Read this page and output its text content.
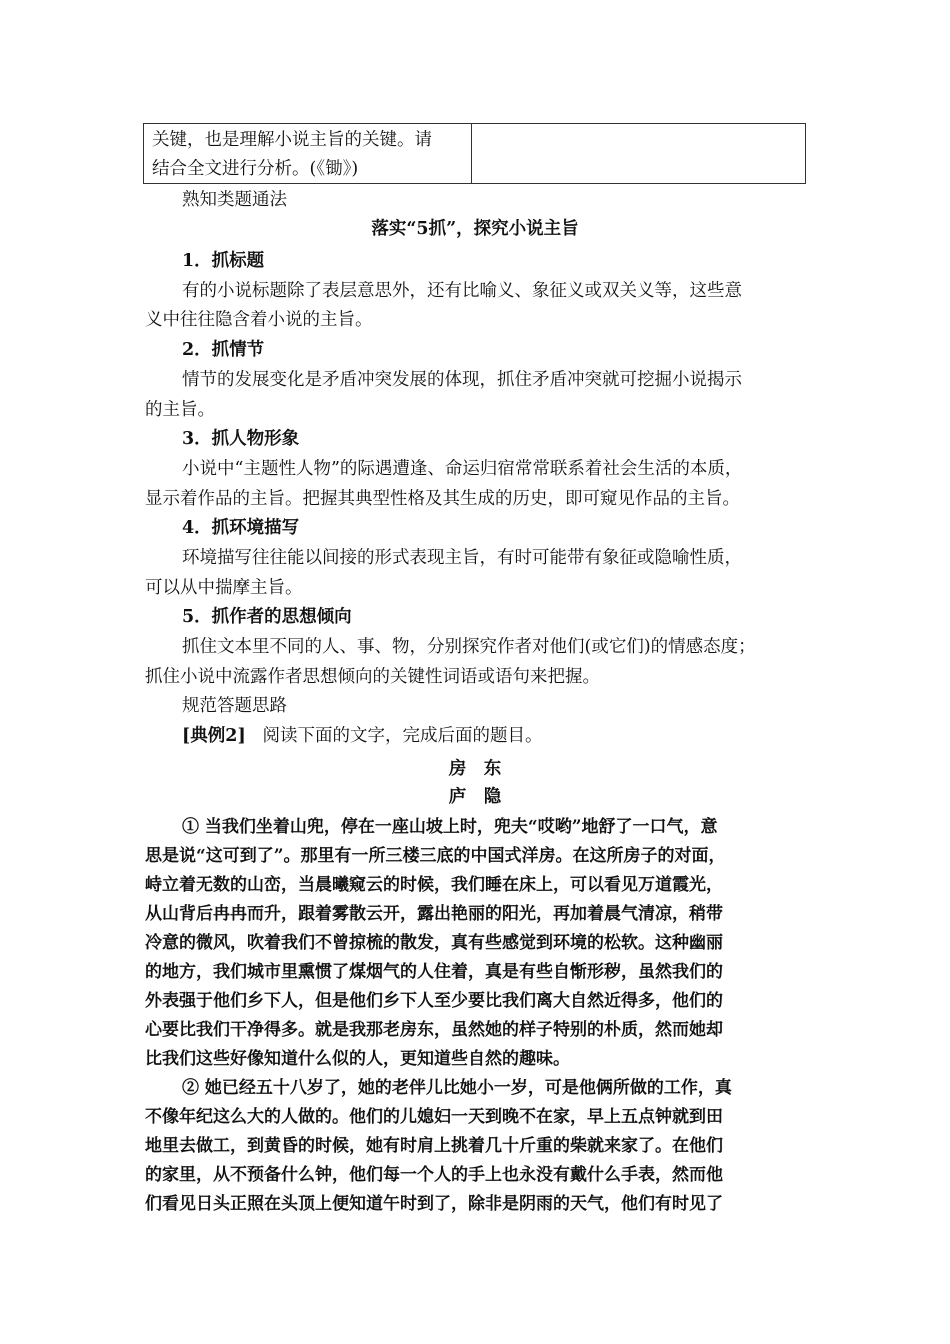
关键，也是理解小说主旨的关键。请
结合全文进行分析。(《锄》)
熟知类题通法
落实“5抓”，探究小说主旨
1．抓标题
有的小说标题除了表层意思外，还有比喻义、象征义或双关义等，这些意
义中往往隐含着小说的主旨。
2．抓情节
情节的发展变化是矛盾冲突发展的体现，抓住矛盾冲突就可挖掘小说揭示
的主旨。
3．抓人物形象
小说中“主题性人物”的际遇遭逢、命运归宿常常联系着社会生活的本质，
显示着作品的主旨。把握其典型性格及其生成的历史，即可窥见作品的主旨。
4．抓环境描写
环境描写往往能以间接的形式表现主旨，有时可能带有象征或隐喻性质，
可以从中揣摩主旨。
5．抓作者的思想倾向
抓住文本里不同的人、事、物，分别探究作者对他们(或它们)的情感态度；
抓住小说中流露作者思想倾向的关键性词语或语句来把握。
规范答题思路
[典例2] 阅读下面的文字，完成后面的题目。
房　东
庐　隐
① 当我们坐着山兜，停在一座山坡上时，兜夫“哎哟”地舒了一口气，意
思是说“这可到了”。那里有一所三楼三底的中国式洋房。在这所房子的对面，
峙立着无数的山峦，当晨曦窥云的时候，我们睡在床上，可以看见万道霞光，
从山背后冉冉而升，跟着雾散云开，露出艳丽的阳光，再加着晨气清凉，稍带
冷意的微风，吹着我们不曾掠梳的散发，真有些感觉到环境的松软。这种幽丽
的地方，我们城市里熏惯了煤烟气的人住着，真是有些自惭形秽，虽然我们的
外表强于他们乡下人，但是他们乡下人至少要比我们离大自然近得多，他们的
心要比我们干净得多。就是我那老房东，虽然她的样子特别的朴质，然而她却
比我们这些好像知道什么似的人，更知道些自然的趣味。
② 她已经五十八岁了，她的老伴儿比她小一岁，可是他俩所做的工作，真
不像年纪这么大的人做的。他们的儿媳妇一天到晚不在家，早上五点钟就到田
地里去做工，到黄昏的时候，她有时肩上挑着几十斤重的柴就来家了。在他们
的家里，从不预备什么钟，他们每一个人的手上也永没有戴什么手表，然而他
们看见日头正照在头顶上便知道午时到了，除非是阴雨的天气，他们有时见了
